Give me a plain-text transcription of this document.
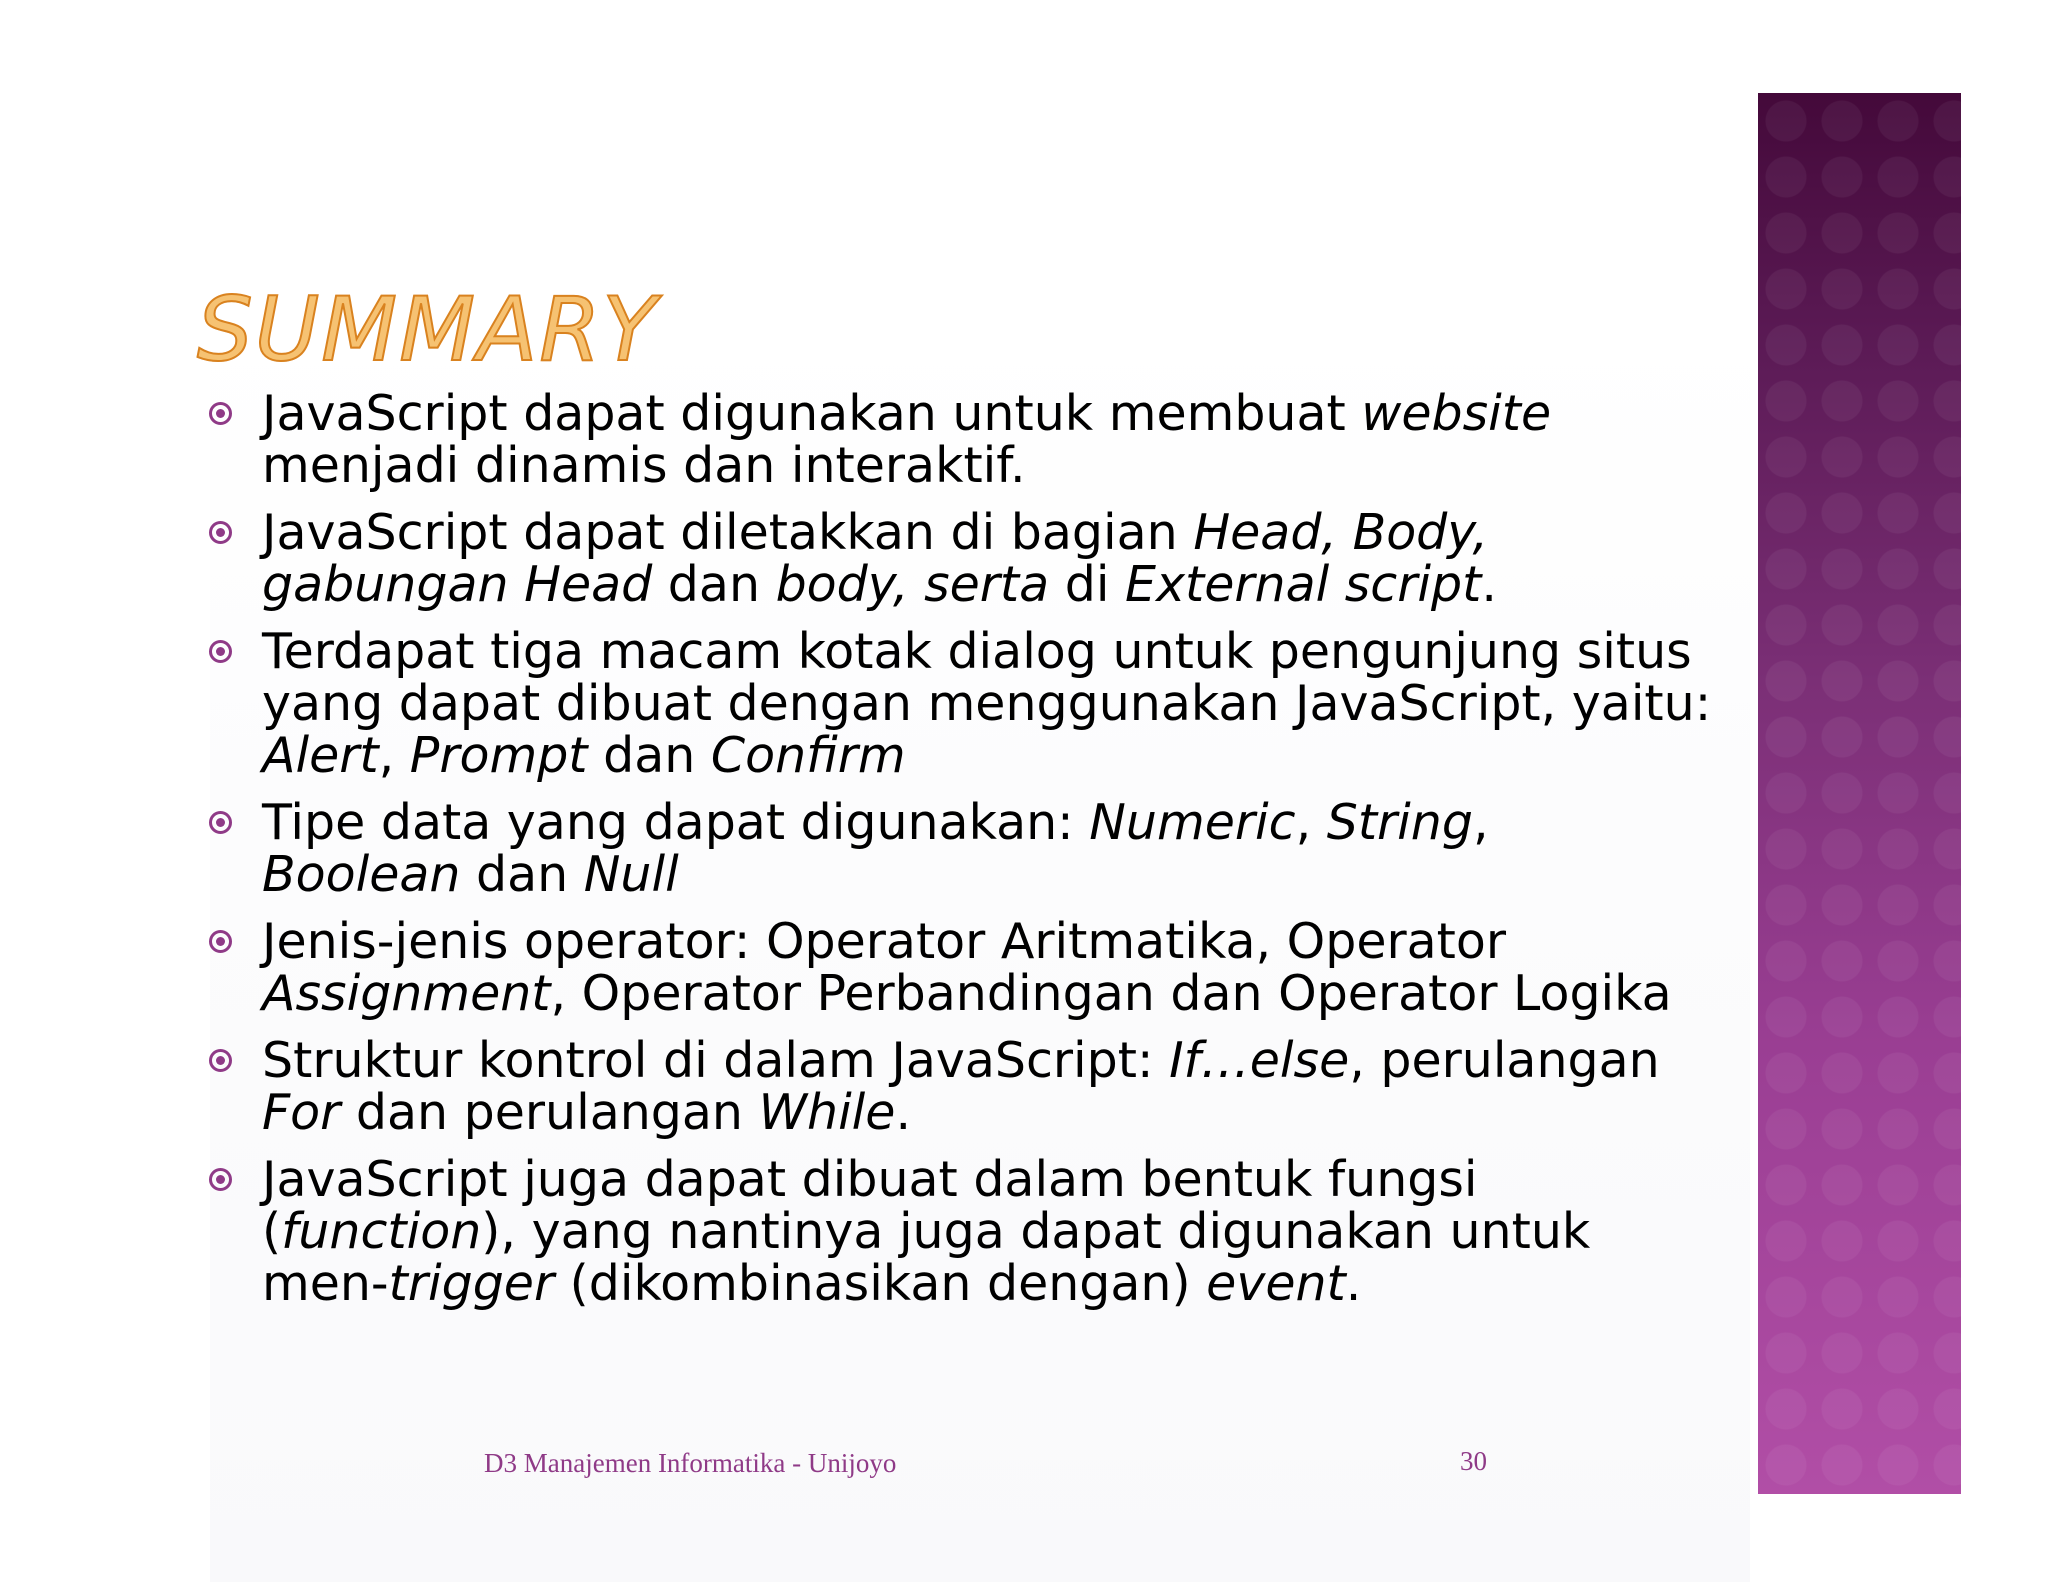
SUMMARY
JavaScript dapat digunakan untuk membuat website
menjadi dinamis dan interaktif.
JavaScript dapat diletakkan di bagian Head, Body,
gabungan Head dan body, serta di External script.
Terdapat tiga macam kotak dialog untuk pengunjung situs
yang dapat dibuat dengan menggunakan JavaScript, yaitu:
Alert, Prompt dan Confirm
Tipe data yang dapat digunakan: Numeric, String,
Boolean dan Null
Jenis-jenis operator: Operator Aritmatika, Operator
Assignment, Operator Perbandingan dan Operator Logika
Struktur kontrol di dalam JavaScript: If…else, perulangan
For dan perulangan While.
JavaScript juga dapat dibuat dalam bentuk fungsi
(function), yang nantinya juga dapat digunakan untuk
men-trigger (dikombinasikan dengan) event.
D3 Manajemen Informatika - Unijoyo	30
